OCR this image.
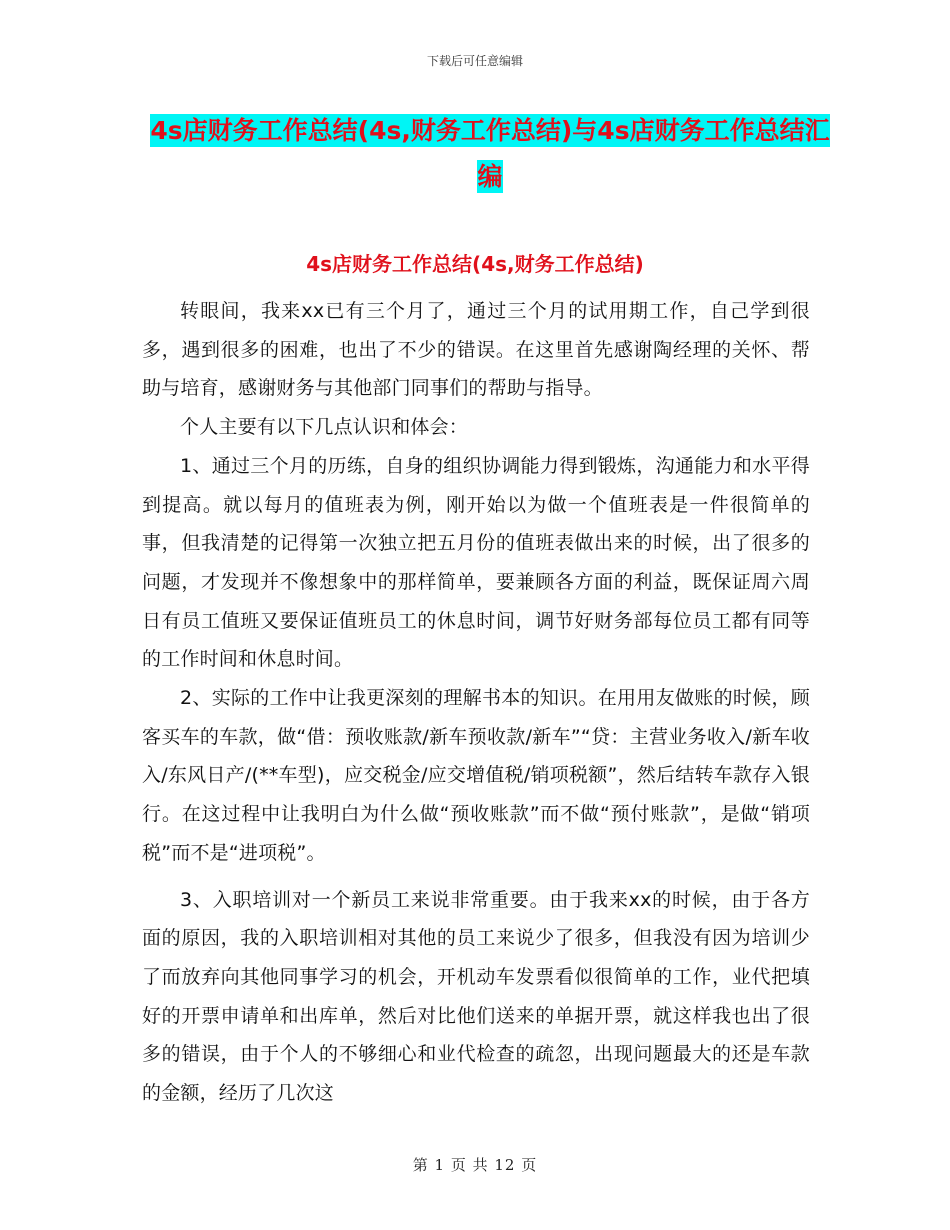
下载后可任意编辑
4s店财务工作总结(4s,财务工作总结)与4s店财务工作总结汇编
4s店财务工作总结(4s,财务工作总结)

转眼间，我来xx已有三个月了，通过三个月的试用期工作，自己学到很多，遇到很多的困难，也出了不少的错误。在这里首先感谢陶经理的关怀、帮助与培育，感谢财务与其他部门同事们的帮助与指导。

个人主要有以下几点认识和体会：

1、通过三个月的历练，自身的组织协调能力得到锻炼，沟通能力和水平得到提高。就以每月的值班表为例，刚开始以为做一个值班表是一件很简单的事，但我清楚的记得第一次独立把五月份的值班表做出来的时候，出了很多的问题，才发现并不像想象中的那样简单，要兼顾各方面的利益，既保证周六周日有员工值班又要保证值班员工的休息时间，调节好财务部每位员工都有同等的工作时间和休息时间。

2、实际的工作中让我更深刻的理解书本的知识。在用用友做账的时候，顾客买车的车款，做“借：预收账款/新车预收款/新车”“贷：主营业务收入/新车收入/东风日产/(**车型)，应交税金/应交增值税/销项税额”，然后结转车款存入银行。在这过程中让我明白为什么做“预收账款”而不做“预付账款”，是做“销项税”而不是“进项税”。

3、入职培训对一个新员工来说非常重要。由于我来xx的时候，由于各方面的原因，我的入职培训相对其他的员工来说少了很多，但我没有因为培训少了而放弃向其他同事学习的机会，开机动车发票看似很简单的工作，业代把填好的开票申请单和出库单，然后对比他们送来的单据开票，就这样我也出了很多的错误，由于个人的不够细心和业代检查的疏忽，出现问题最大的还是车款的金额，经历了几次这

第 1 页 共 12 页
